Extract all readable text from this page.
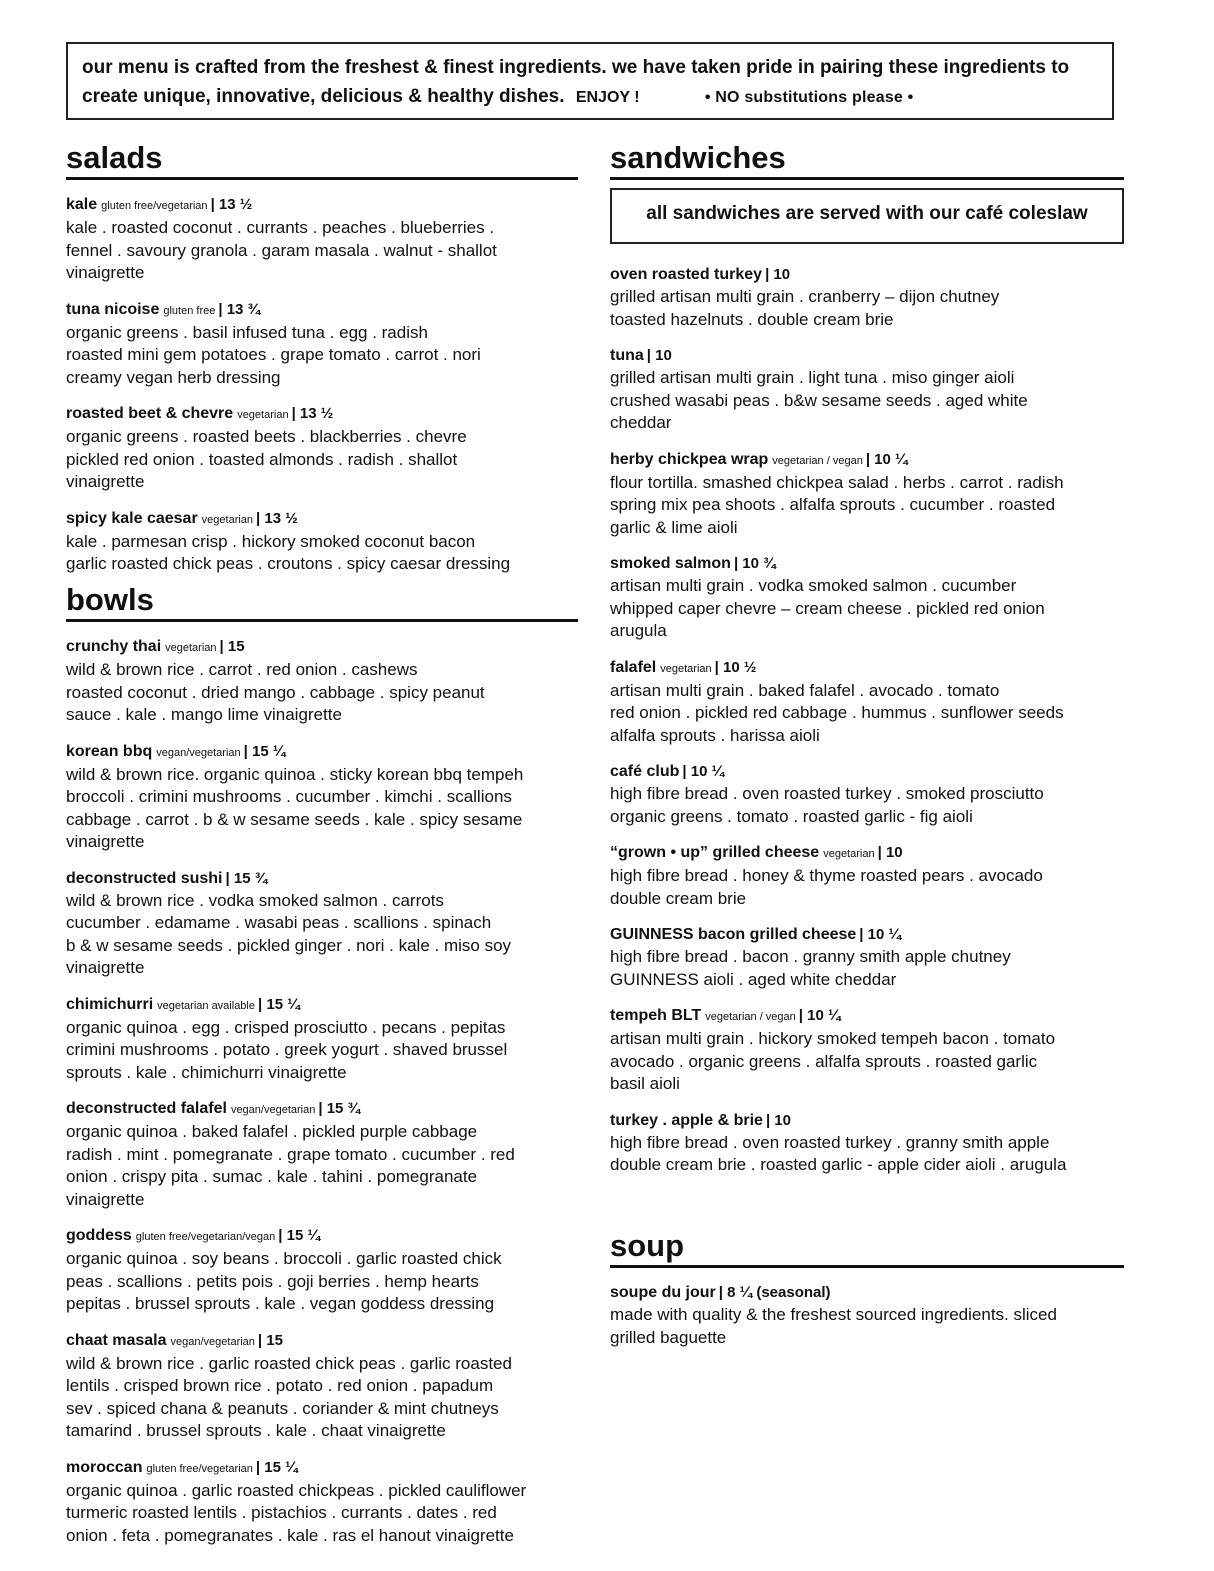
our menu is crafted from the freshest & finest ingredients. we have taken pride in pairing these ingredients to
create unique, innovative, delicious & healthy dishes. ENJOY !	• NO substitutions please •
salads
kale gluten free/vegetarian | 13 ½
kale . roasted coconut . currants . peaches . blueberries .
fennel . savoury granola . garam masala . walnut - shallot
vinaigrette
tuna nicoise gluten free | 13 ¾
organic greens . basil infused tuna . egg . radish
roasted mini gem potatoes . grape tomato . carrot . nori
creamy vegan herb dressing
roasted beet & chevre vegetarian | 13 ½
organic greens . roasted beets . blackberries . chevre
pickled red onion . toasted almonds . radish . shallot
vinaigrette
spicy kale caesar vegetarian | 13 ½
kale . parmesan crisp . hickory smoked coconut bacon
garlic roasted chick peas . croutons . spicy caesar dressing
bowls
crunchy thai vegetarian | 15
wild & brown rice . carrot . red onion . cashews
roasted coconut . dried mango . cabbage . spicy peanut
sauce . kale . mango lime vinaigrette
korean bbq vegan/vegetarian | 15 ¼
wild & brown rice. organic quinoa . sticky korean bbq tempeh
broccoli . crimini mushrooms . cucumber . kimchi . scallions
cabbage . carrot . b & w sesame seeds . kale . spicy sesame
vinaigrette
deconstructed sushi | 15 ¾
wild & brown rice . vodka smoked salmon . carrots
cucumber . edamame . wasabi peas . scallions . spinach
b & w sesame seeds . pickled ginger . nori . kale . miso soy
vinaigrette
chimichurri vegetarian available | 15 ¼
organic quinoa . egg . crisped prosciutto . pecans . pepitas
crimini mushrooms . potato . greek yogurt . shaved brussel
sprouts . kale . chimichurri vinaigrette
deconstructed falafel vegan/vegetarian | 15 ¾
organic quinoa . baked falafel . pickled purple cabbage
radish . mint . pomegranate . grape tomato . cucumber . red
onion . crispy pita . sumac . kale . tahini . pomegranate
vinaigrette
goddess gluten free/vegetarian/vegan | 15 ¼
organic quinoa . soy beans . broccoli . garlic roasted chick
peas . scallions . petits pois . goji berries . hemp hearts
pepitas . brussel sprouts . kale . vegan goddess dressing
chaat masala vegan/vegetarian | 15
wild & brown rice . garlic roasted chick peas . garlic roasted
lentils . crisped brown rice . potato . red onion . papadum
sev . spiced chana & peanuts . coriander & mint chutneys
tamarind . brussel sprouts . kale . chaat vinaigrette
moroccan gluten free/vegetarian | 15 ¼
organic quinoa . garlic roasted chickpeas . pickled cauliflower
turmeric roasted lentils . pistachios . currants . dates . red
onion . feta . pomegranates . kale . ras el hanout vinaigrette
sandwiches
all sandwiches are served with our café coleslaw
oven roasted turkey | 10
grilled artisan multi grain . cranberry – dijon chutney
toasted hazelnuts . double cream brie
tuna | 10
grilled artisan multi grain . light tuna . miso ginger aioli
crushed wasabi peas . b&w sesame seeds . aged white
cheddar
herby chickpea wrap vegetarian / vegan | 10 ¼
flour tortilla. smashed chickpea salad . herbs . carrot . radish
spring mix pea shoots . alfalfa sprouts . cucumber . roasted
garlic & lime aioli
smoked salmon | 10 ¾
artisan multi grain . vodka smoked salmon . cucumber
whipped caper chevre – cream cheese . pickled red onion
arugula
falafel vegetarian | 10 ½
artisan multi grain . baked falafel . avocado . tomato
red onion . pickled red cabbage . hummus . sunflower seeds
alfalfa sprouts . harissa aioli
café club | 10 ¼
high fibre bread . oven roasted turkey . smoked prosciutto
organic greens . tomato . roasted garlic - fig aioli
“grown • up” grilled cheese vegetarian | 10
high fibre bread . honey & thyme roasted pears . avocado
double cream brie
GUINNESS bacon grilled cheese | 10 ¼
high fibre bread . bacon . granny smith apple chutney
GUINNESS aioli . aged white cheddar
tempeh BLT vegetarian / vegan | 10 ¼
artisan multi grain . hickory smoked tempeh bacon . tomato
avocado . organic greens . alfalfa sprouts . roasted garlic
basil aioli
turkey . apple & brie | 10
high fibre bread . oven roasted turkey . granny smith apple
double cream brie . roasted garlic - apple cider aioli . arugula
soup
soupe du jour | 8 ¼ (seasonal)
made with quality & the freshest sourced ingredients. sliced
grilled baguette
